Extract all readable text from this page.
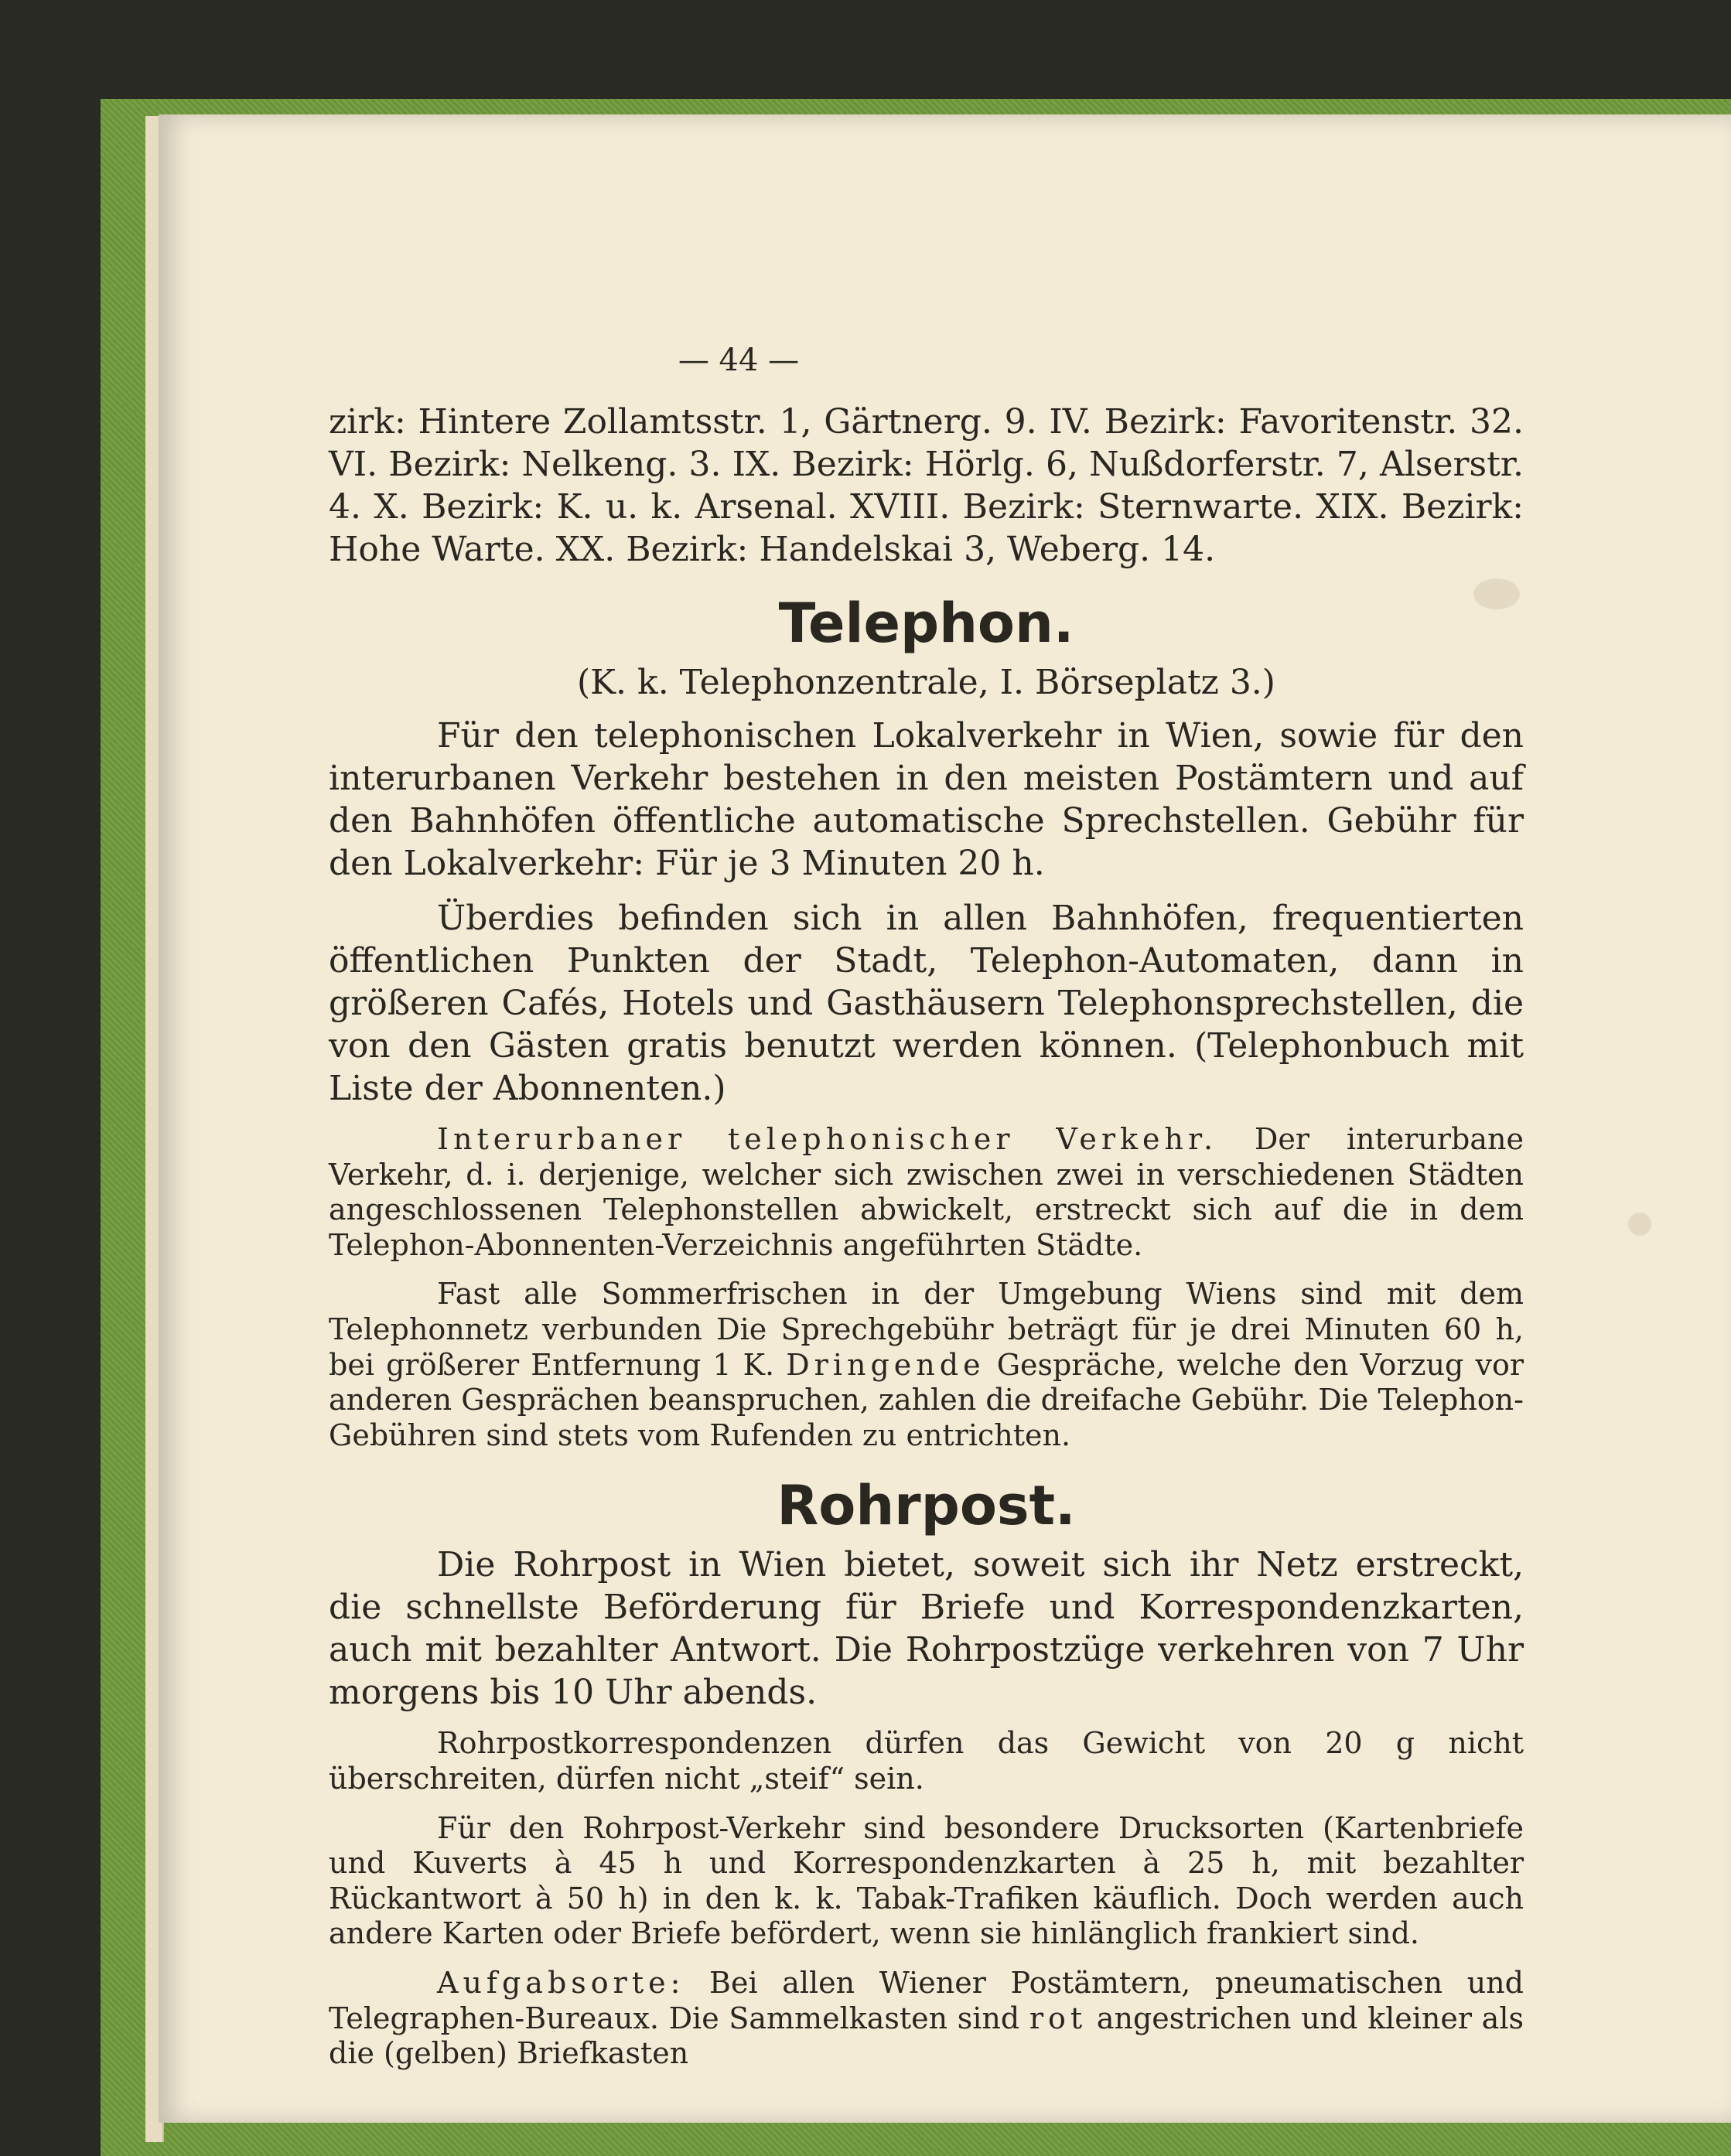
— 44 —

zirk: Hintere Zollamtsstr. 1, Gärtnerg. 9. IV. Bezirk: Favoritenstr. 32. VI. Bezirk: Nelkeng. 3. IX. Bezirk: Hörlg. 6, Nußdorferstr. 7, Alserstr. 4. X. Bezirk: K. u. k. Arsenal. XVIII. Bezirk: Sternwarte. XIX. Bezirk: Hohe Warte. XX. Bezirk: Handelskai 3, Weberg. 14.

Telephon.
(K. k. Telephonzentrale, I. Börseplatz 3.)

Für den telephonischen Lokalverkehr in Wien, sowie für den interurbanen Verkehr bestehen in den meisten Postämtern und auf den Bahnhöfen öffentliche automatische Sprechstellen. Gebühr für den Lokalverkehr: Für je 3 Minuten 20 h.

Überdies befinden sich in allen Bahnhöfen, frequentierten öffentlichen Punkten der Stadt, Telephon-Automaten, dann in größeren Cafés, Hotels und Gasthäusern Telephonsprechstellen, die von den Gästen gratis benutzt werden können. (Telephonbuch mit Liste der Abonnenten.)

Interurbaner telephonischer Verkehr. Der interurbane Verkehr, d. i. derjenige, welcher sich zwischen zwei in verschiedenen Städten angeschlossenen Telephonstellen abwickelt, erstreckt sich auf die in dem Telephon-Abonnenten-Verzeichnis angeführten Städte.

Fast alle Sommerfrischen in der Umgebung Wiens sind mit dem Telephonnetz verbunden Die Sprechgebühr beträgt für je drei Minuten 60 h, bei größerer Entfernung 1 K. Dringende Gespräche, welche den Vorzug vor anderen Gesprächen beanspruchen, zahlen die dreifache Gebühr. Die Telephon-Gebühren sind stets vom Rufenden zu entrichten.

Rohrpost.

Die Rohrpost in Wien bietet, soweit sich ihr Netz erstreckt, die schnellste Beförderung für Briefe und Korrespondenzkarten, auch mit bezahlter Antwort. Die Rohrpostzüge verkehren von 7 Uhr morgens bis 10 Uhr abends.

Rohrpostkorrespondenzen dürfen das Gewicht von 20 g nicht überschreiten, dürfen nicht „steif“ sein.

Für den Rohrpost-Verkehr sind besondere Drucksorten (Kartenbriefe und Kuverts à 45 h und Korrespondenzkarten à 25 h, mit bezahlter Rückantwort à 50 h) in den k. k. Tabak-Trafiken käuflich. Doch werden auch andere Karten oder Briefe befördert, wenn sie hinlänglich frankiert sind.

Aufgabsorte: Bei allen Wiener Postämtern, pneumatischen und Telegraphen-Bureaux. Die Sammelkasten sind rot angestrichen und kleiner als die (gelben) Briefkasten
